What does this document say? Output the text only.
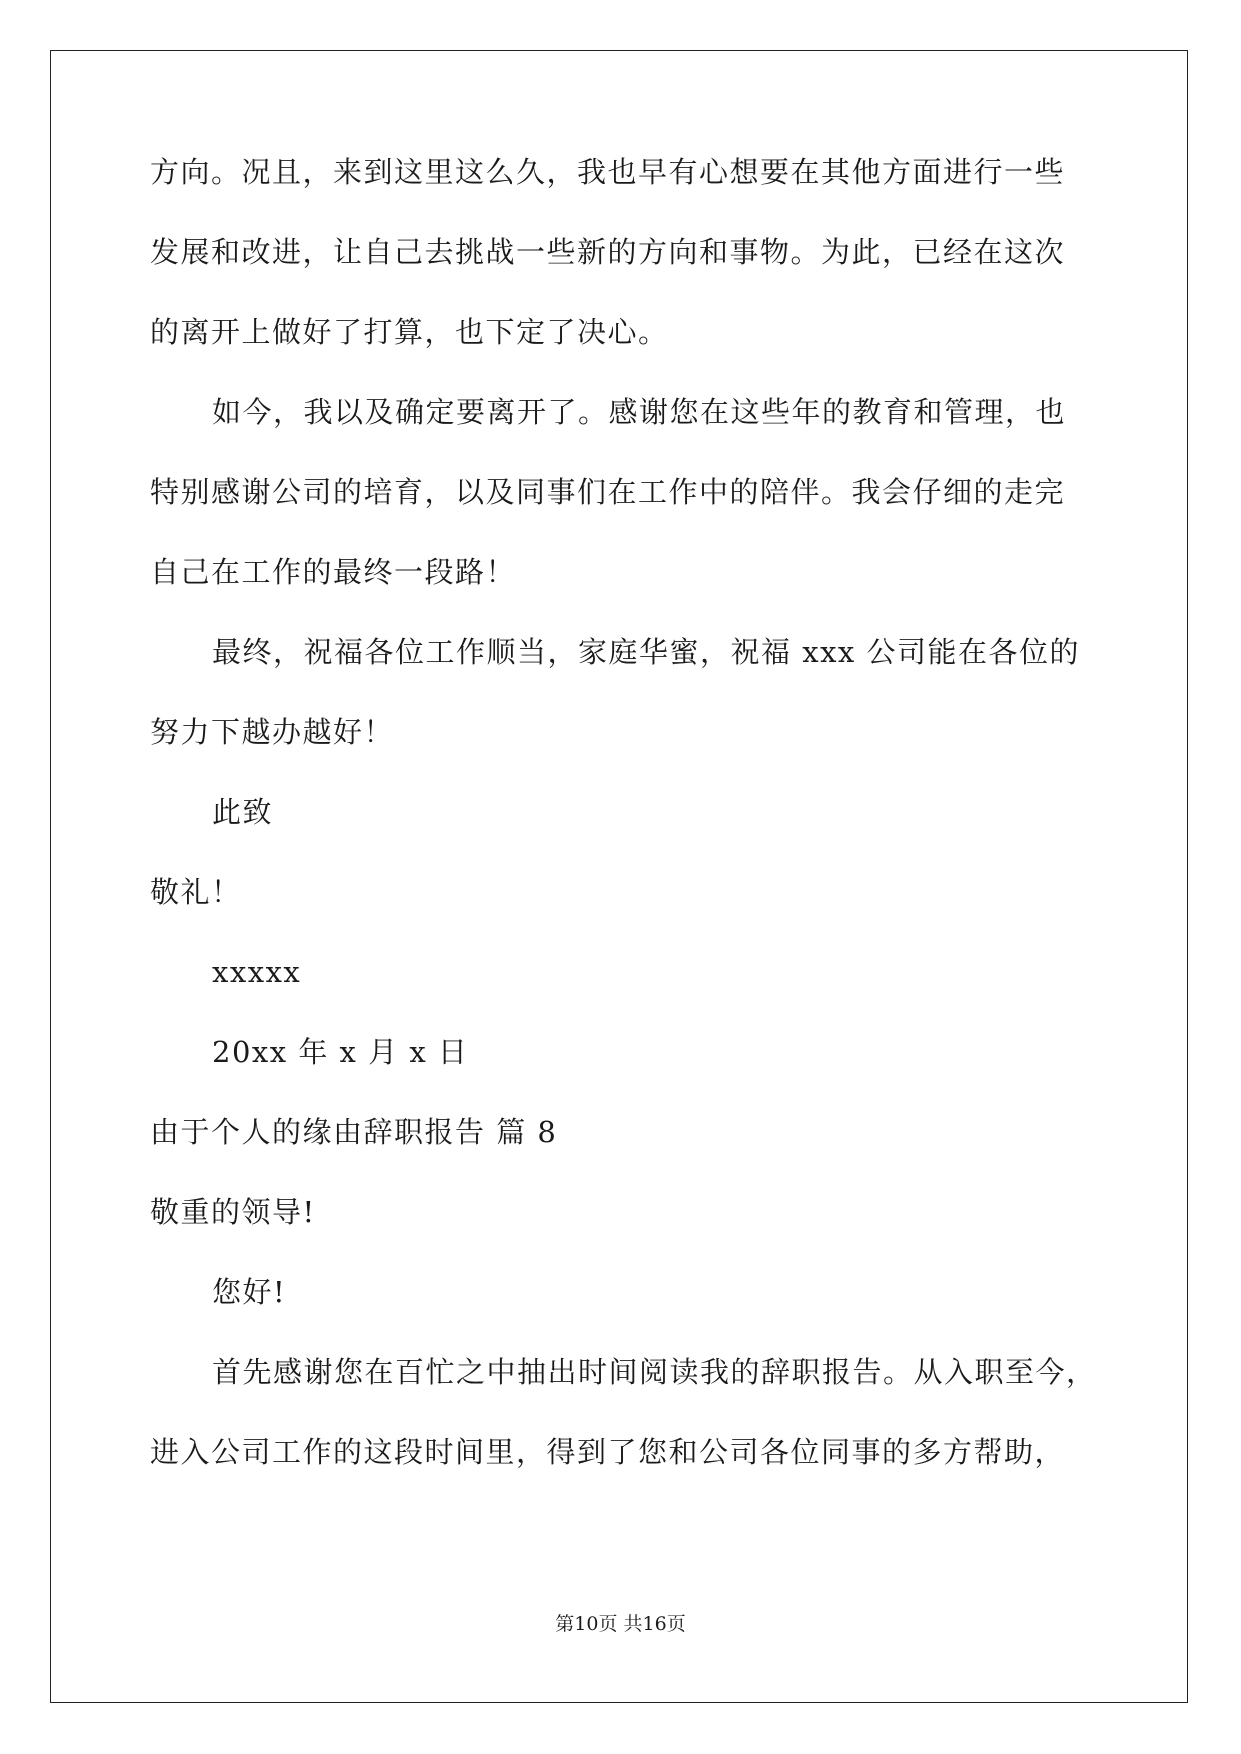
方向。况且，来到这里这么久，我也早有心想要在其他方面进行一些
发展和改进，让自己去挑战一些新的方向和事物。为此，已经在这次
的离开上做好了打算，也下定了决心。
如今，我以及确定要离开了。感谢您在这些年的教育和管理，也
特别感谢公司的培育，以及同事们在工作中的陪伴。我会仔细的走完
自己在工作的最终一段路！
最终，祝福各位工作顺当，家庭华蜜，祝福 xxx 公司能在各位的
努力下越办越好！
此致
敬礼！
xxxxx
20xx 年 x 月 x 日
由于个人的缘由辞职报告 篇 8
敬重的领导!
您好!
首先感谢您在百忙之中抽出时间阅读我的辞职报告。从入职至今，
进入公司工作的这段时间里，得到了您和公司各位同事的多方帮助，
第10页 共16页
